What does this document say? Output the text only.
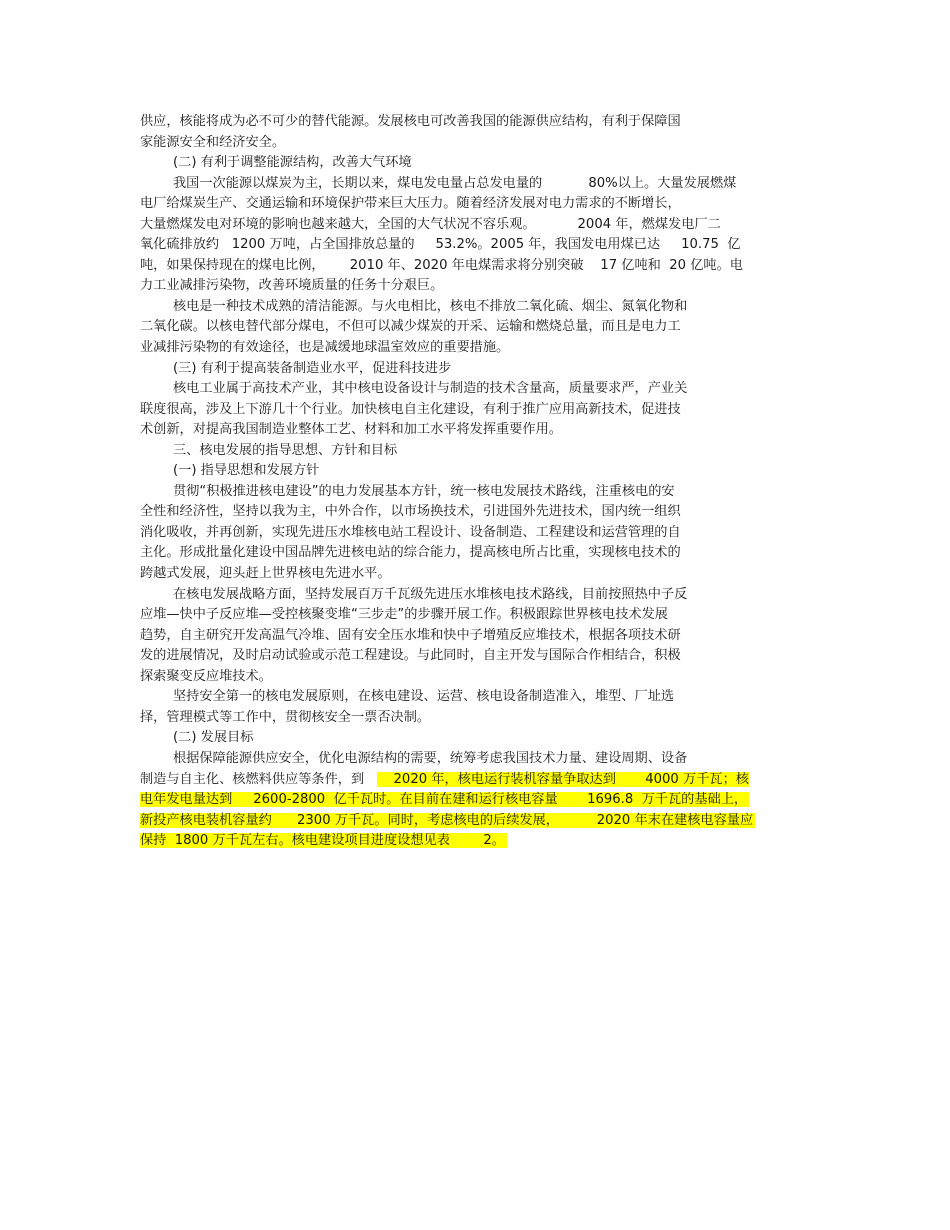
供应，核能将成为必不可少的替代能源。发展核电可改善我国的能源供应结构，有利于保障国
家能源安全和经济安全。
(二) 有利于调整能源结构，改善大气环境
我国一次能源以煤炭为主，长期以来，煤电发电量占总发电量的           80%以上。大量发展燃煤
电厂给煤炭生产、交通运输和环境保护带来巨大压力。随着经济发展对电力需求的不断增长，
大量燃煤发电对环境的影响也越来越大，全国的大气状况不容乐观。          2004 年，燃煤发电厂二
氧化硫排放约   1200 万吨，占全国排放总量的     53.2%。2005 年，我国发电用煤已达     10.75  亿
吨，如果保持现在的煤电比例，      2010 年、2020 年电煤需求将分别突破    17 亿吨和  20 亿吨。电
力工业减排污染物，改善环境质量的任务十分艰巨。
核电是一种技术成熟的清洁能源。与火电相比，核电不排放二氧化硫、烟尘、氮氧化物和
二氧化碳。以核电替代部分煤电，不但可以减少煤炭的开采、运输和燃烧总量，而且是电力工
业减排污染物的有效途径，也是减缓地球温室效应的重要措施。
(三) 有利于提高装备制造业水平，促进科技进步
核电工业属于高技术产业，其中核电设备设计与制造的技术含量高，质量要求严，产业关
联度很高，涉及上下游几十个行业。加快核电自主化建设，有利于推广应用高新技术，促进技
术创新，对提高我国制造业整体工艺、材料和加工水平将发挥重要作用。
三、核电发展的指导思想、方针和目标
(一) 指导思想和发展方针
贯彻“积极推进核电建设”的电力发展基本方针，统一核电发展技术路线，注重核电的安
全性和经济性，坚持以我为主，中外合作，以市场换技术，引进国外先进技术，国内统一组织
消化吸收，并再创新，实现先进压水堆核电站工程设计、设备制造、工程建设和运营管理的自
主化。形成批量化建设中国品牌先进核电站的综合能力，提高核电所占比重，实现核电技术的
跨越式发展，迎头赶上世界核电先进水平。
在核电发展战略方面，坚持发展百万千瓦级先进压水堆核电技术路线，目前按照热中子反
应堆—快中子反应堆—受控核聚变堆“三步走”的步骤开展工作。积极跟踪世界核电技术发展
趋势，自主研究开发高温气冷堆、固有安全压水堆和快中子增殖反应堆技术，根据各项技术研
发的进展情况，及时启动试验或示范工程建设。与此同时，自主开发与国际合作相结合，积极
探索聚变反应堆技术。
坚持安全第一的核电发展原则，在核电建设、运营、核电设备制造准入，堆型、厂址选
择，管理模式等工作中，贯彻核安全一票否决制。
(二) 发展目标
根据保障能源供应安全，优化电源结构的需要，统筹考虑我国技术力量、建设周期、设备
制造与自主化、核燃料供应等条件，到       2020 年，核电运行装机容量争取达到       4000 万千瓦；核
电年发电量达到     2600-2800  亿千瓦时。在目前在建和运行核电容量       1696.8  万千瓦的基础上，
新投产核电装机容量约      2300 万千瓦。同时，考虑核电的后续发展，         2020 年末在建核电容量应
保持  1800 万千瓦左右。核电建设项目进度设想见表        2。
